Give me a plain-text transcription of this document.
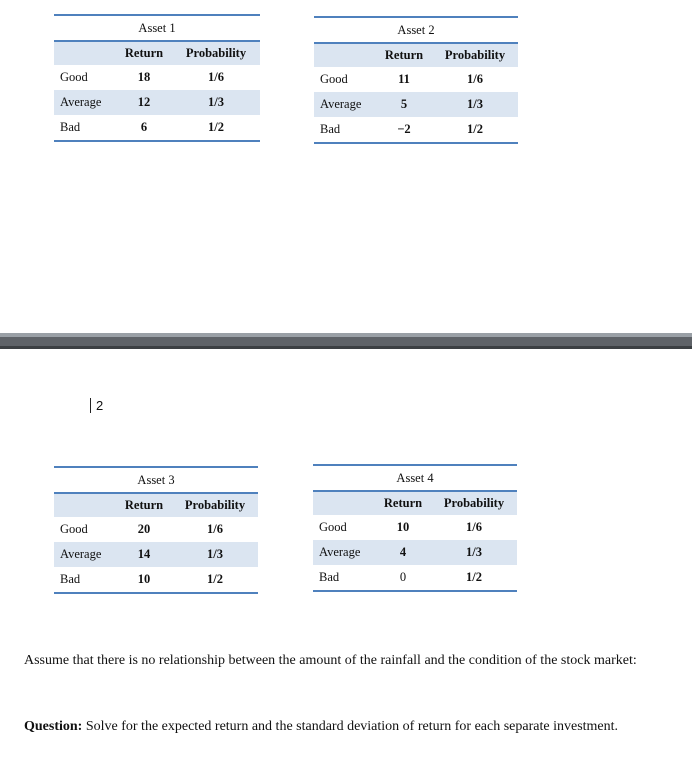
Asset 1		
	Return	Probability
Good	18	1/6
Average	12	1/3
Bad	6	1/2
Asset 2		
	Return	Probability
Good	11	1/6
Average	5	1/3
Bad	−2	1/2
2
Asset 3		
	Return	Probability
Good	20	1/6
Average	14	1/3
Bad	10	1/2
Asset 4		
	Return	Probability
Good	10	1/6
Average	4	1/3
Bad	0	1/2
Assume that there is no relationship between the amount of the rainfall and the condition of the stock market:
Question: Solve for the expected return and the standard deviation of return for each separate investment.
